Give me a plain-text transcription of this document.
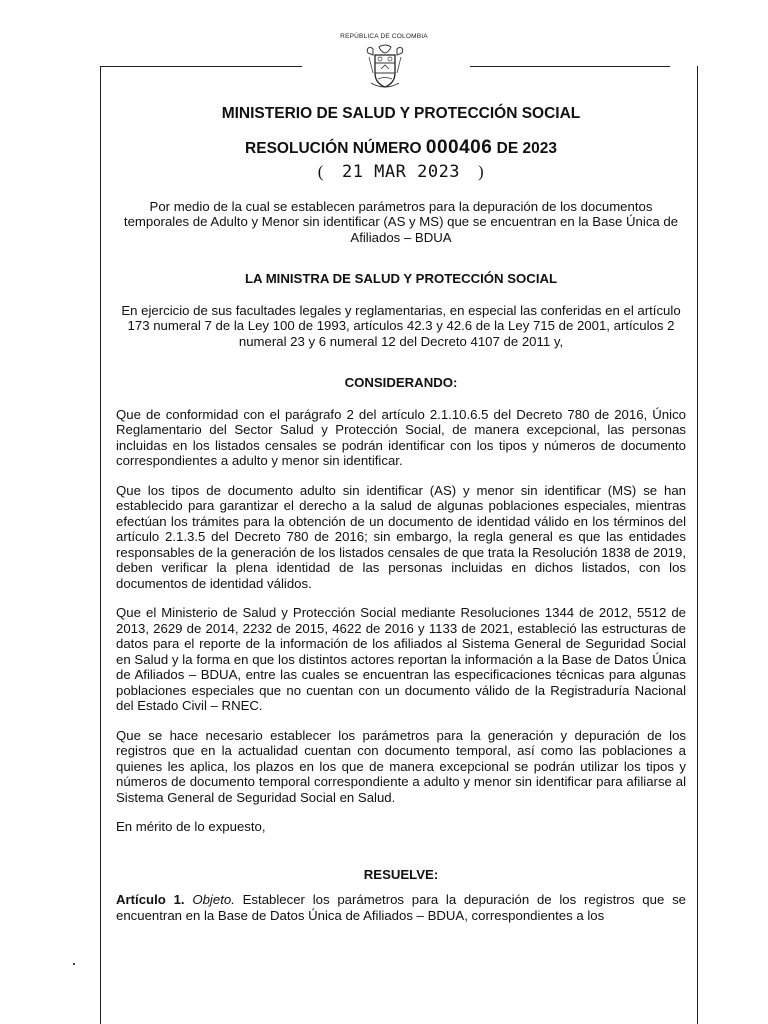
REPÚBLICA DE COLOMBIA
MINISTERIO DE SALUD Y PROTECCIÓN SOCIAL
RESOLUCIÓN NÚMERO 000406 DE 2023
( 21 MAR 2023 )
Por medio de la cual se establecen parámetros para la depuración de los documentos temporales de Adulto y Menor sin identificar (AS y MS) que se encuentran en la Base Única de Afiliados – BDUA
LA MINISTRA DE SALUD Y PROTECCIÓN SOCIAL
En ejercicio de sus facultades legales y reglamentarias, en especial las conferidas en el artículo 173 numeral 7 de la Ley 100 de 1993, artículos 42.3 y 42.6 de la Ley 715 de 2001, artículos 2 numeral 23 y 6 numeral 12 del Decreto 4107 de 2011 y,
CONSIDERANDO:

Que de conformidad con el parágrafo 2 del artículo 2.1.10.6.5 del Decreto 780 de 2016, Único Reglamentario del Sector Salud y Protección Social, de manera excepcional, las personas incluidas en los listados censales se podrán identificar con los tipos y números de documento correspondientes a adulto y menor sin identificar.

Que los tipos de documento adulto sin identificar (AS) y menor sin identificar (MS) se han establecido para garantizar el derecho a la salud de algunas poblaciones especiales, mientras efectúan los trámites para la obtención de un documento de identidad válido en los términos del artículo 2.1.3.5 del Decreto 780 de 2016; sin embargo, la regla general es que las entidades responsables de la generación de los listados censales de que trata la Resolución 1838 de 2019, deben verificar la plena identidad de las personas incluidas en dichos listados, con los documentos de identidad válidos.

Que el Ministerio de Salud y Protección Social mediante Resoluciones 1344 de 2012, 5512 de 2013, 2629 de 2014, 2232 de 2015, 4622 de 2016 y 1133 de 2021, estableció las estructuras de datos para el reporte de la información de los afiliados al Sistema General de Seguridad Social en Salud y la forma en que los distintos actores reportan la información a la Base de Datos Única de Afiliados – BDUA, entre las cuales se encuentran las especificaciones técnicas para algunas poblaciones especiales que no cuentan con un documento válido de la Registraduría Nacional del Estado Civil – RNEC.

Que se hace necesario establecer los parámetros para la generación y depuración de los registros que en la actualidad cuentan con documento temporal, así como las poblaciones a quienes les aplica, los plazos en los que de manera excepcional se podrán utilizar los tipos y números de documento temporal correspondiente a adulto y menor sin identificar para afiliarse al Sistema General de Seguridad Social en Salud.

En mérito de lo expuesto,
RESUELVE:
Artículo 1. Objeto. Establecer los parámetros para la depuración de los registros que se encuentran en la Base de Datos Única de Afiliados – BDUA, correspondientes a los
